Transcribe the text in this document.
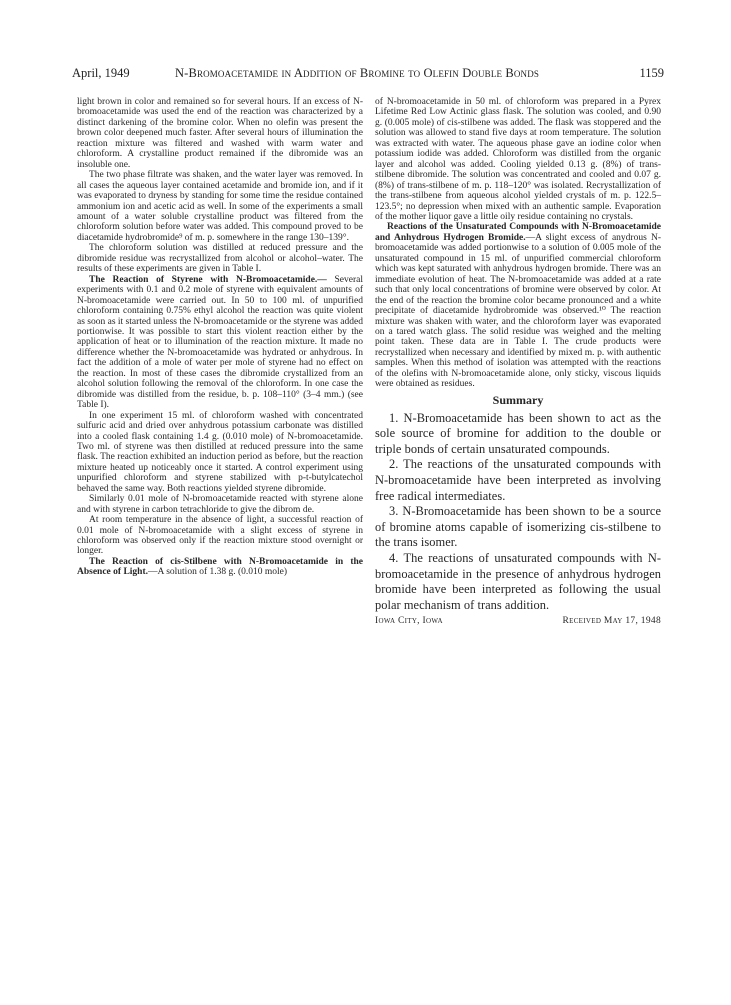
April, 1949	N-Bromoacetamide in Addition of Bromine to Olefin Double Bonds	1159

light brown in color and remained so for several hours. If an excess of N-bromoacetamide was used the end of the reaction was characterized by a distinct darkening of the bromine color. When no olefin was present the brown color deepened much faster. After several hours of illumination the reaction mixture was filtered and washed with warm water and chloroform. A crystalline product remained if the dibromide was an insoluble one.

The two phase filtrate was shaken, and the water layer was removed. In all cases the aqueous layer contained acetamide and bromide ion, and if it was evaporated to dryness by standing for some time the residue contained ammonium ion and acetic acid as well. In some of the experiments a small amount of a water soluble crystalline product was filtered from the chloroform solution before water was added. This compound proved to be diacetamide hydrobromide⁹ of m. p. somewhere in the range 130–139°.

The chloroform solution was distilled at reduced pressure and the dibromide residue was recrystallized from alcohol or alcohol–water. The results of these experiments are given in Table I.

The Reaction of Styrene with N-Bromoacetamide.— Several experiments with 0.1 and 0.2 mole of styrene with equivalent amounts of N-bromoacetamide were carried out. In 50 to 100 ml. of unpurified chloroform containing 0.75% ethyl alcohol the reaction was quite violent as soon as it started unless the N-bromoacetamide or the styrene was added portionwise. It was possible to start this violent reaction either by the application of heat or to illumination of the reaction mixture. It made no difference whether the N-bromoacetamide was hydrated or anhydrous. In fact the addition of a mole of water per mole of styrene had no effect on the reaction. In most of these cases the dibromide crystallized from an alcohol solution following the removal of the chloroform. In one case the dibromide was distilled from the residue, b. p. 108–110° (3–4 mm.) (see Table I).

In one experiment 15 ml. of chloroform washed with concentrated sulfuric acid and dried over anhydrous potassium carbonate was distilled into a cooled flask containing 1.4 g. (0.010 mole) of N-bromoacetamide. Two ml. of styrene was then distilled at reduced pressure into the same flask. The reaction exhibited an induction period as before, but the reaction mixture heated up noticeably once it started. A control experiment using unpurified chloroform and styrene stabilized with p-t-butylcatechol behaved the same way. Both reactions yielded styrene dibromide.

Similarly 0.01 mole of N-bromoacetamide reacted with styrene alone and with styrene in carbon tetrachloride to give the dibrom de.

At room temperature in the absence of light, a successful reaction of 0.01 mole of N-bromoacetamide with a slight excess of styrene in chloroform was observed only if the reaction mixture stood overnight or longer.

The Reaction of cis-Stilbene with N-Bromoacetamide in the Absence of Light.—A solution of 1.38 g. (0.010 mole)

of N-bromoacetamide in 50 ml. of chloroform was prepared in a Pyrex Lifetime Red Low Actinic glass flask. The solution was cooled, and 0.90 g. (0.005 mole) of cis-stilbene was added. The flask was stoppered and the solution was allowed to stand five days at room temperature. The solution was extracted with water. The aqueous phase gave an iodine color when potassium iodide was added. Chloroform was distilled from the organic layer and alcohol was added. Cooling yielded 0.13 g. (8%) of trans-stilbene dibromide. The solution was concentrated and cooled and 0.07 g. (8%) of trans-stilbene of m. p. 118–120° was isolated. Recrystallization of the trans-stilbene from aqueous alcohol yielded crystals of m. p. 122.5–123.5°; no depression when mixed with an authentic sample. Evaporation of the mother liquor gave a little oily residue containing no crystals.

Reactions of the Unsaturated Compounds with N-Bromoacetamide and Anhydrous Hydrogen Bromide.—A slight excess of anydrous N-bromoacetamide was added portionwise to a solution of 0.005 mole of the unsaturated compound in 15 ml. of unpurified commercial chloroform which was kept saturated with anhydrous hydrogen bromide. There was an immediate evolution of heat. The N-bromoacetamide was added at a rate such that only local concentrations of bromine were observed by color. At the end of the reaction the bromine color became pronounced and a white precipitate of diacetamide hydrobromide was observed.¹⁰ The reaction mixture was shaken with water, and the chloroform layer was evaporated on a tared watch glass. The solid residue was weighed and the melting point taken. These data are in Table I. The crude products were recrystallized when necessary and identified by mixed m. p. with authentic samples. When this method of isolation was attempted with the reactions of the olefins with N-bromoacetamide alone, only sticky, viscous liquids were obtained as residues.

Summary

1. N-Bromoacetamide has been shown to act as the sole source of bromine for addition to the double or triple bonds of certain unsaturated compounds.

2. The reactions of the unsaturated compounds with N-bromoacetamide have been interpreted as involving free radical intermediates.

3. N-Bromoacetamide has been shown to be a source of bromine atoms capable of isomerizing cis-stilbene to the trans isomer.

4. The reactions of unsaturated compounds with N-bromoacetamide in the presence of anhydrous hydrogen bromide have been interpreted as following the usual polar mechanism of trans addition.

Iowa City, Iowa	Received May 17, 1948
